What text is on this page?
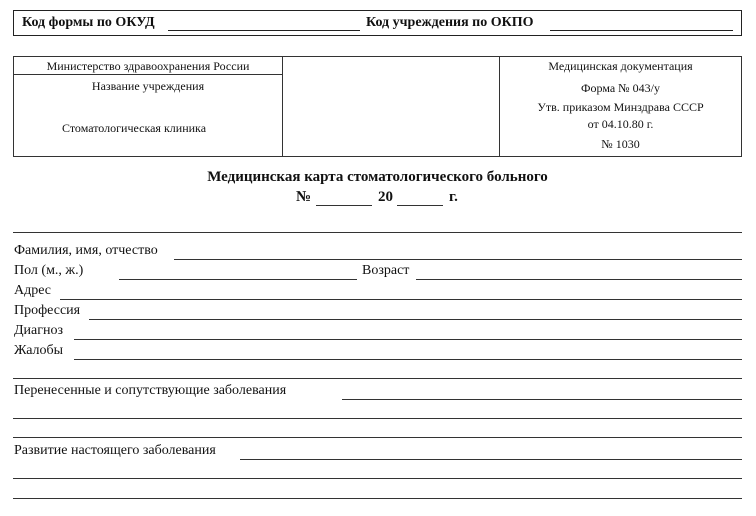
Код формы по ОКУД	Код учреждения по ОКПО
Министерство здравоохранения России
Название учреждения
Стоматологическая клиника
Медицинская документация
Форма № 043/у
Утв. приказом Минздрава СССР
от 04.10.80 г.
№ 1030
Медицинская карта стоматологического больного
№	20	г.
Фамилия, имя, отчество
Пол (м., ж.)	Возраст
Адрес
Профессия
Диагноз
Жалобы
Перенесенные и сопутствующие заболевания
Развитие настоящего заболевания
